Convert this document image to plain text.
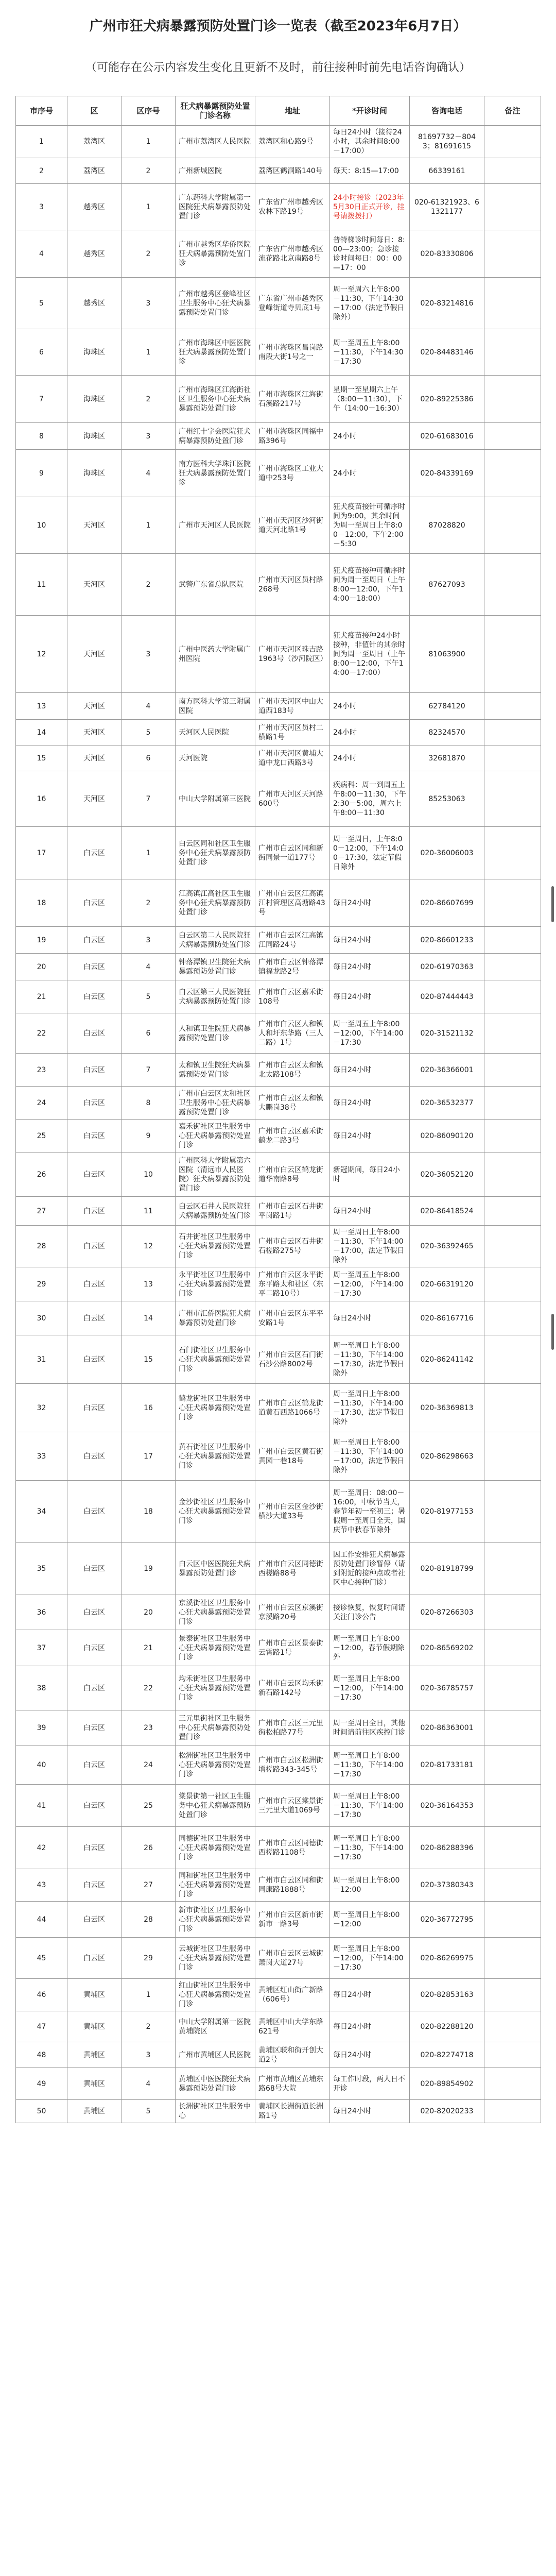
广州市狂犬病暴露预防处置门诊一览表（截至2023年6月7日）
（可能存在公示内容发生变化且更新不及时，前往接种时前先电话咨询确认）
市序号	区	区序号	狂犬病暴露预防处置门诊名称	地址	*开诊时间	咨询电话	备注
1	荔湾区	1	广州市荔湾区人民医院	荔湾区和心路9号	每日24小时（接待24小时，其余时间8:00－17:00）	81697732－8043；81691615	
2	荔湾区	2	广州新城医院	荔湾区鹤洞路140号	每天：8:15—17:00	66339161	
3	越秀区	1	广东药科大学附属第一医院狂犬病暴露预防处置门诊	广东省广州市越秀区农林下路19号	24小时接诊（2023年5月30日正式开诊，挂号请拨拨打）	020-61321923、61321177	
4	越秀区	2	广州市越秀区华侨医院狂犬病暴露预防处置门诊	广东省广州市越秀区流花路北京南路8号	普特梯诊时间每日：8:00—23:00；急诊接诊时间每日：00：00—17：00	020-83330806	
5	越秀区	3	广州市越秀区登峰社区卫生服务中心狂犬病暴露预防处置门诊	广东省广州市越秀区登峰街道寺贝底1号	周一至周六上午8:00－11:30，下午14:30－17:00（法定节假日除外）	020-83214816	
6	海珠区	1	广州市海珠区中医医院狂犬病暴露预防处置门诊	广州市海珠区昌岗路南段大街1号之一	周一至周五上午8:00－11:30，下午14:30－17:30	020-84483146	
7	海珠区	2	广州市海珠区江海街社区卫生服务中心狂犬病暴露预防处置门诊	广州市海珠区江海街石溪路217号	星期一至星期六上午（8:00－11:30），下午（14:00－16:30）	020-89225386	
8	海珠区	3	广州红十字会医院狂犬病暴露预防处置门诊	广州市海珠区同福中路396号	24小时	020-61683016	
9	海珠区	4	南方医科大学珠江医院狂犬病暴露预防处置门诊	广州市海珠区工业大道中253号	24小时	020-84339169	
10	天河区	1	广州市天河区人民医院	广州市天河区沙河街道天河北路1号	狂犬疫苗接针可循序时间为9:00，其余时间为周一至周日上午8:00－12:00，下午2:00－5:30	87028820	
11	天河区	2	武警广东省总队医院	广州市天河区员村路268号	狂犬疫苗接种可循序时间为周一至周日（上午8:00－12:00，下午14:00－18:00）	87627093	
12	天河区	3	广州中医药大学附属广州医院	广州市天河区珠吉路1963号（沙河院区）	狂犬疫苗接种24小时接种，非值针的其余时间为周一至周日（上午8:00－12:00，下午14:00－17:00）	81063900	
13	天河区	4	南方医科大学第三附属医院	广州市天河区中山大道西183号	24小时	62784120	
14	天河区	5	天河区人民医院	广州市天河区员村二横路1号	24小时	82324570	
15	天河区	6	天河医院	广州市天河区黄埔大道中龙口西路3号	24小时	32681870	
16	天河区	7	中山大学附属第三医院	广州市天河区天河路600号	疾病科：周一到周五上午8:00－11:30，下午2:30－5:00，周六上午8:00－11:30	85253063	
17	白云区	1	白云区同和社区卫生服务中心狂犬病暴露预防处置门诊	广州市白云区同和新街同景一道177号	周一至周日，上午8:00－12:00，下午14:00－17:30，法定节假日除外	020-36006003	
18	白云区	2	江高镇江高社区卫生服务中心狂犬病暴露预防处置门诊	广州市白云区江高镇江村管理区高塘路43号	每日24小时	020-86607699	
19	白云区	3	白云区第二人民医院狂犬病暴露预防处置门诊	广州市白云区江高镇江同路24号	每日24小时	020-86601233	
20	白云区	4	钟落潭镇卫生院狂犬病暴露预防处置门诊	广州市白云区钟落潭镇福龙路2号	每日24小时	020-61970363	
21	白云区	5	白云区第三人民医院狂犬病暴露预防处置门诊	广州市白云区嘉禾街108号	每日24小时	020-87444443	
22	白云区	6	人和镇卫生院狂犬病暴露预防处置门诊	广州市白云区人和镇人和圩东华路（三人二路）1号	周一至周五上午8:00－12:00，下午14:00－17:30	020-31521132	
23	白云区	7	太和镇卫生院狂犬病暴露预防处置门诊	广州市白云区太和镇北太路108号	每日24小时	020-36366001	
24	白云区	8	广州市白云区太和社区卫生服务中心狂犬病暴露预防处置门诊	广州市白云区太和镇大鹏岗38号	每日24小时	020-36532377	
25	白云区	9	嘉禾街社区卫生服务中心狂犬病暴露预防处置门诊	广州市白云区嘉禾街鹤龙二路3号	每日24小时	020-86090120	
26	白云区	10	广州医科大学附属第六医院（清远市人民医院）狂犬病暴露预防处置门诊	广州市白云区鹤龙街道华南路8号	新冠期间，每日24小时	020-36052120	
27	白云区	11	白云区石井人民医院狂犬病暴露预防处置门诊	广州市白云区石井街平岗路1号	每日24小时	020-86418524	
28	白云区	12	石井街社区卫生服务中心狂犬病暴露预防处置门诊	广州市白云区石井街石槎路275号	周一至周日上午8:00－11:30，下午14:00－17:00，法定节假日除外	020-36392465	
29	白云区	13	永平街社区卫生服务中心狂犬病暴露预防处置门诊	广州市白云区永平街东平路太和社区（东平二路10号）	周一至周五上午8:00－12:00，下午14:00－17:30	020-66319120	
30	白云区	14	广州市汇侨医院狂犬病暴露预防处置门诊	广州市白云区东平平安路1号	每日24小时	020-86167716	
31	白云区	15	石门街社区卫生服务中心狂犬病暴露预防处置门诊	广州市白云区石门街石沙公路8002号	周一至周日上午8:00－11:30，下午14:00－17:30，法定节假日除外	020-86241142	
32	白云区	16	鹤龙街社区卫生服务中心狂犬病暴露预防处置门诊	广州市白云区鹤龙街道黄石西路1066号	周一至周日上午8:00－11:30，下午14:00－17:30，法定节假日除外	020-36369813	
33	白云区	17	黄石街社区卫生服务中心狂犬病暴露预防处置门诊	广州市白云区黄石街黄园一巷18号	周一至周日上午8:00－11:30，下午14:00－17:00，法定节假日除外	020-86298663	
34	白云区	18	金沙街社区卫生服务中心狂犬病暴露预防处置门诊	广州市白云区金沙街横沙大道33号	周一至周日：08:00－16:00，中秋节当天，春节年初一至初三；暑假周一至周日全天，国庆节中秋春节除外	020-81977153	
35	白云区	19	白云区中医医院狂犬病暴露预防处置门诊	广州市白云区同德街西槎路88号	因工作安排狂犬病暴露预防处置门诊暂停（请到附近的接种点或者社区中心接种门诊）	020-81918799	
36	白云区	20	京溪街社区卫生服务中心狂犬病暴露预防处置门诊	广州市白云区京溪街京溪路20号	接诊恢复，恢复时间请关注门诊公告	020-87266303	
37	白云区	21	景泰街社区卫生服务中心狂犬病暴露预防处置门诊	广州市白云区景泰街云霄路1号	周一至周日上午8:00－12:00，春节假期除外	020-86569202	
38	白云区	22	均禾街社区卫生服务中心狂犬病暴露预防处置门诊	广州市白云区均禾街新石路142号	周一至周日上午8:00－12:00，下午14:00－17:30	020-36785757	
39	白云区	23	三元里街社区卫生服务中心狂犬病暴露预防处置门诊	广州市白云区三元里街松柏路77号	周一至周日全日，其他时间请前往区疾控门诊	020-86363001	
40	白云区	24	松洲街社区卫生服务中心狂犬病暴露预防处置门诊	广州市白云区松洲街增槎路343-345号	周一至周日上午8:00－11:30，下午14:00－17:30	020-81733181	
41	白云区	25	棠景街第一社区卫生服务中心狂犬病暴露预防处置门诊	广州市白云区棠景街三元里大道1069号	周一至周日上午8:00－11:30，下午14:00－17:30	020-36164353	
42	白云区	26	同德街社区卫生服务中心狂犬病暴露预防处置门诊	广州市白云区同德街西槎路1108号	周一至周日上午8:00－11:30，下午14:00－17:30	020-86288396	
43	白云区	27	同和街社区卫生服务中心狂犬病暴露预防处置门诊	广州市白云区同和街同康路1888号	周一至周日上午8:00－12:00	020-37380343	
44	白云区	28	新市街社区卫生服务中心狂犬病暴露预防处置门诊	广州市白云区新市街新市一路3号	周一至周日上午8:00－12:00	020-36772795	
45	白云区	29	云城街社区卫生服务中心狂犬病暴露预防处置门诊	广州市白云区云城街萧岗大道27号	周一至周日上午8:00－12:00，下午14:00－17:30	020-86269975	
46	黄埔区	1	红山街社区卫生服务中心狂犬病暴露预防处置门诊	黄埔区红山街广新路（606号）	每日24小时	020-82853163	
47	黄埔区	2	中山大学附属第一医院黄埔院区	黄埔区中山大学东路621号	每日24小时	020-82288120	
48	黄埔区	3	广州市黄埔区人民医院	黄埔区联和街开创大道2号	每日24小时	020-82274718	
49	黄埔区	4	黄埔区中医医院狂犬病暴露预防处置门诊	广州市黄埔区黄埔东路68号大院	每工作时段，两人日不开诊	020-89854902	
50	黄埔区	5	长洲街社区卫生服务中心	黄埔区长洲街道长洲路1号	每日24小时	020-82020233	
